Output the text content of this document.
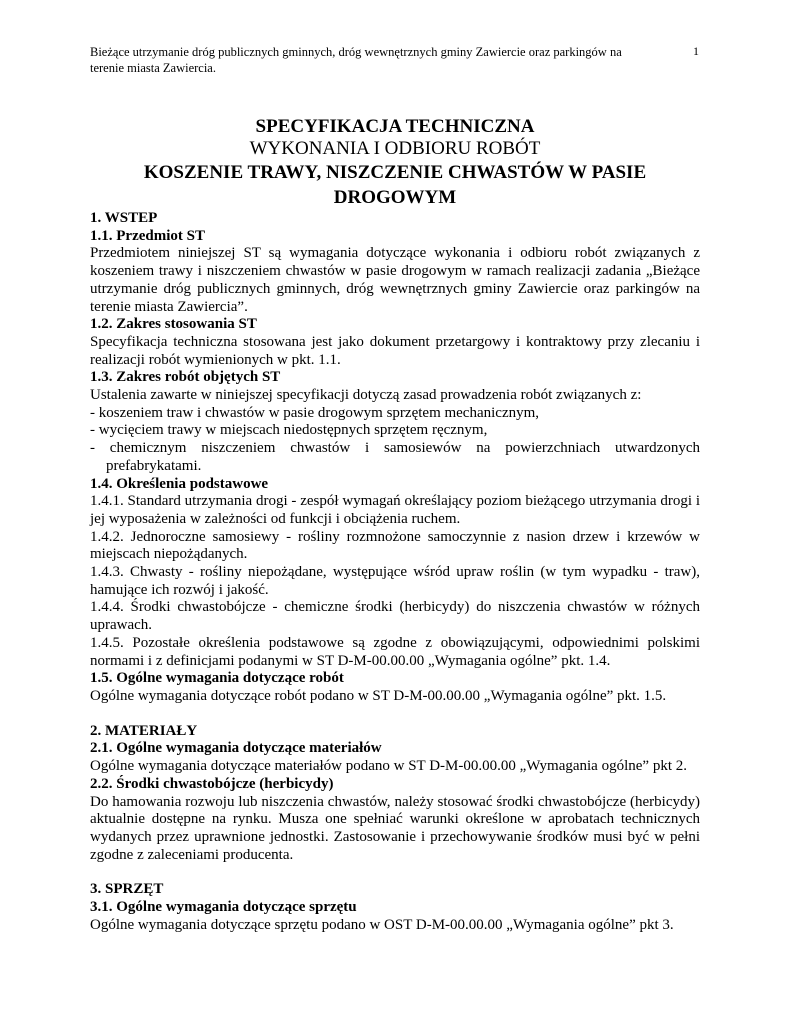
Bieżące utrzymanie dróg publicznych gminnych, dróg wewnętrznych gminy Zawiercie oraz parkingów na terenie miasta Zawiercia.
1
SPECYFIKACJA TECHNICZNA
WYKONANIA I ODBIORU ROBÓT
KOSZENIE TRAWY, NISZCZENIE CHWASTÓW W PASIE DROGOWYM

1. WSTEP

1.1. Przedmiot ST

Przedmiotem niniejszej ST są wymagania dotyczące wykonania i odbioru robót związanych z koszeniem trawy i niszczeniem chwastów w pasie drogowym w ramach realizacji zadania „Bieżące utrzymanie dróg publicznych gminnych, dróg wewnętrznych gminy Zawiercie oraz parkingów na terenie miasta Zawiercia”.

1.2. Zakres stosowania ST

Specyfikacja techniczna stosowana jest jako dokument przetargowy i kontraktowy przy zlecaniu i realizacji robót wymienionych w pkt. 1.1.

1.3. Zakres robót objętych ST

Ustalenia zawarte w niniejszej specyfikacji dotyczą zasad prowadzenia robót związanych z:

- koszeniem traw i chwastów w pasie drogowym sprzętem mechanicznym,

- wycięciem trawy w miejscach niedostępnych sprzętem ręcznym,

- chemicznym niszczeniem chwastów i samosiewów na powierzchniach utwardzonych prefabrykatami.

1.4. Określenia podstawowe

1.4.1. Standard utrzymania drogi - zespół wymagań określający poziom bieżącego utrzymania drogi i jej wyposażenia w zależności od funkcji i obciążenia ruchem.

1.4.2. Jednoroczne samosiewy - rośliny rozmnożone samoczynnie z nasion drzew i krzewów w miejscach niepożądanych.

1.4.3. Chwasty - rośliny niepożądane, występujące wśród upraw roślin (w tym wypadku - traw), hamujące ich rozwój i jakość.

1.4.4. Środki chwastobójcze - chemiczne środki (herbicydy) do niszczenia chwastów w różnych uprawach.

1.4.5. Pozostałe określenia podstawowe są zgodne z obowiązującymi, odpowiednimi polskimi normami i z definicjami podanymi w ST D-M-00.00.00 „Wymagania ogólne” pkt. 1.4.

1.5. Ogólne wymagania dotyczące robót

Ogólne wymagania dotyczące robót podano w ST D-M-00.00.00 „Wymagania ogólne” pkt. 1.5.

2. MATERIAŁY

2.1. Ogólne wymagania dotyczące materiałów

Ogólne wymagania dotyczące materiałów podano w ST D-M-00.00.00 „Wymagania ogólne” pkt 2.

2.2. Środki chwastobójcze (herbicydy)

Do hamowania rozwoju lub niszczenia chwastów, należy stosować środki chwastobójcze (herbicydy) aktualnie dostępne na rynku. Musza one spełniać warunki określone w aprobatach technicznych wydanych przez uprawnione jednostki. Zastosowanie i przechowywanie środków musi być w pełni zgodne z zaleceniami producenta.

3. SPRZĘT

3.1. Ogólne wymagania dotyczące sprzętu

Ogólne wymagania dotyczące sprzętu podano w OST D-M-00.00.00 „Wymagania ogólne” pkt 3.
